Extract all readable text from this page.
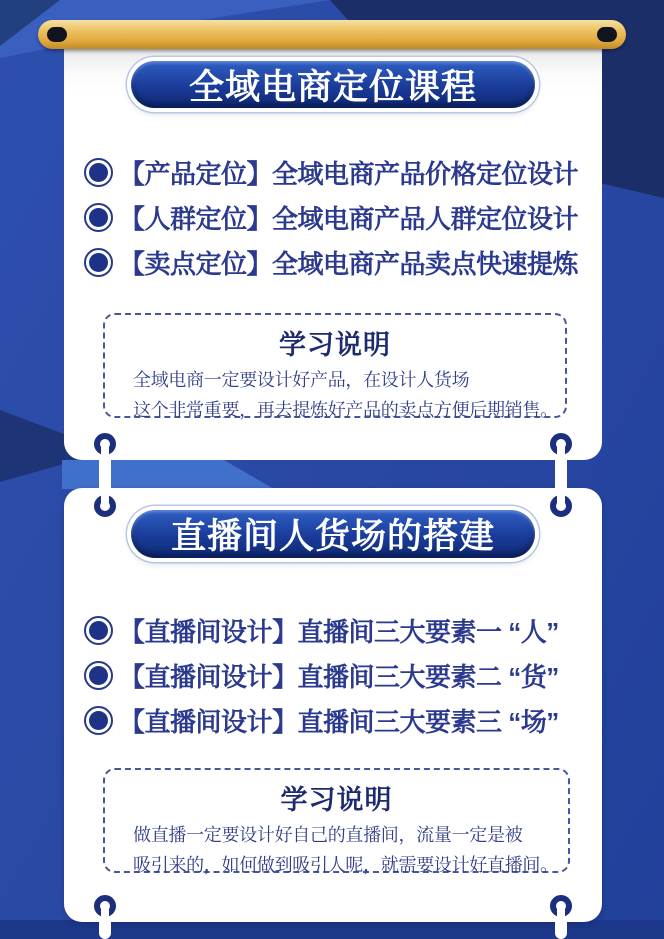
全域电商定位课程
【产品定位】全域电商产品价格定位设计
【人群定位】全域电商产品人群定位设计
【卖点定位】全域电商产品卖点快速提炼
学习说明

全域电商一定要设计好产品，在设计人货场

这个非常重要，再去提炼好产品的卖点方便后期销售。

直播间人货场的搭建
【直播间设计】直播间三大要素一 “人”
【直播间设计】直播间三大要素二 “货”
【直播间设计】直播间三大要素三 “场”
学习说明

做直播一定要设计好自己的直播间，流量一定是被

吸引来的，如何做到吸引人呢，就需要设计好直播间。
